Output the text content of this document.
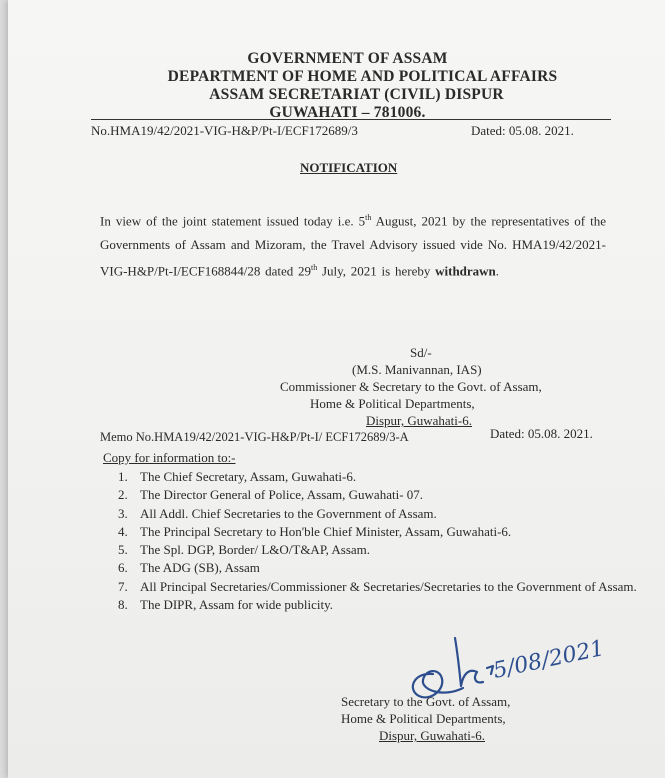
GOVERNMENT OF ASSAM
DEPARTMENT OF HOME AND POLITICAL AFFAIRS
ASSAM SECRETARIAT (CIVIL) DISPUR
GUWAHATI – 781006.
No.HMA19/42/2021-VIG-H&P/Pt-I/ECF172689/3	Dated: 05.08. 2021.
NOTIFICATION
In view of the joint statement issued today i.e. 5th August, 2021 by the representatives of the Governments of Assam and Mizoram, the Travel Advisory issued vide No. HMA19/42/2021-VIG-H&P/Pt-I/ECF168844/28 dated 29th July, 2021 is hereby withdrawn.
Sd/-
(M.S. Manivannan, IAS)
Commissioner & Secretary to the Govt. of Assam,
Home & Political Departments,
Dispur, Guwahati-6.
Memo No.HMA19/42/2021-VIG-H&P/Pt-I/ ECF172689/3-A	Dated: 05.08. 2021.
Copy for information to:-
1. The Chief Secretary, Assam, Guwahati-6.
2. The Director General of Police, Assam, Guwahati- 07.
3. All Addl. Chief Secretaries to the Government of Assam.
4. The Principal Secretary to Hon'ble Chief Minister, Assam, Guwahati-6.
5. The Spl. DGP, Border/ L&O/T&AP, Assam.
6. The ADG (SB), Assam
7. All Principal Secretaries/Commissioner & Secretaries/Secretaries to the Government of Assam.
8. The DIPR, Assam for wide publicity.
5/08/2021
Secretary to the Govt. of Assam,
Home & Political Departments,
Dispur, Guwahati-6.
